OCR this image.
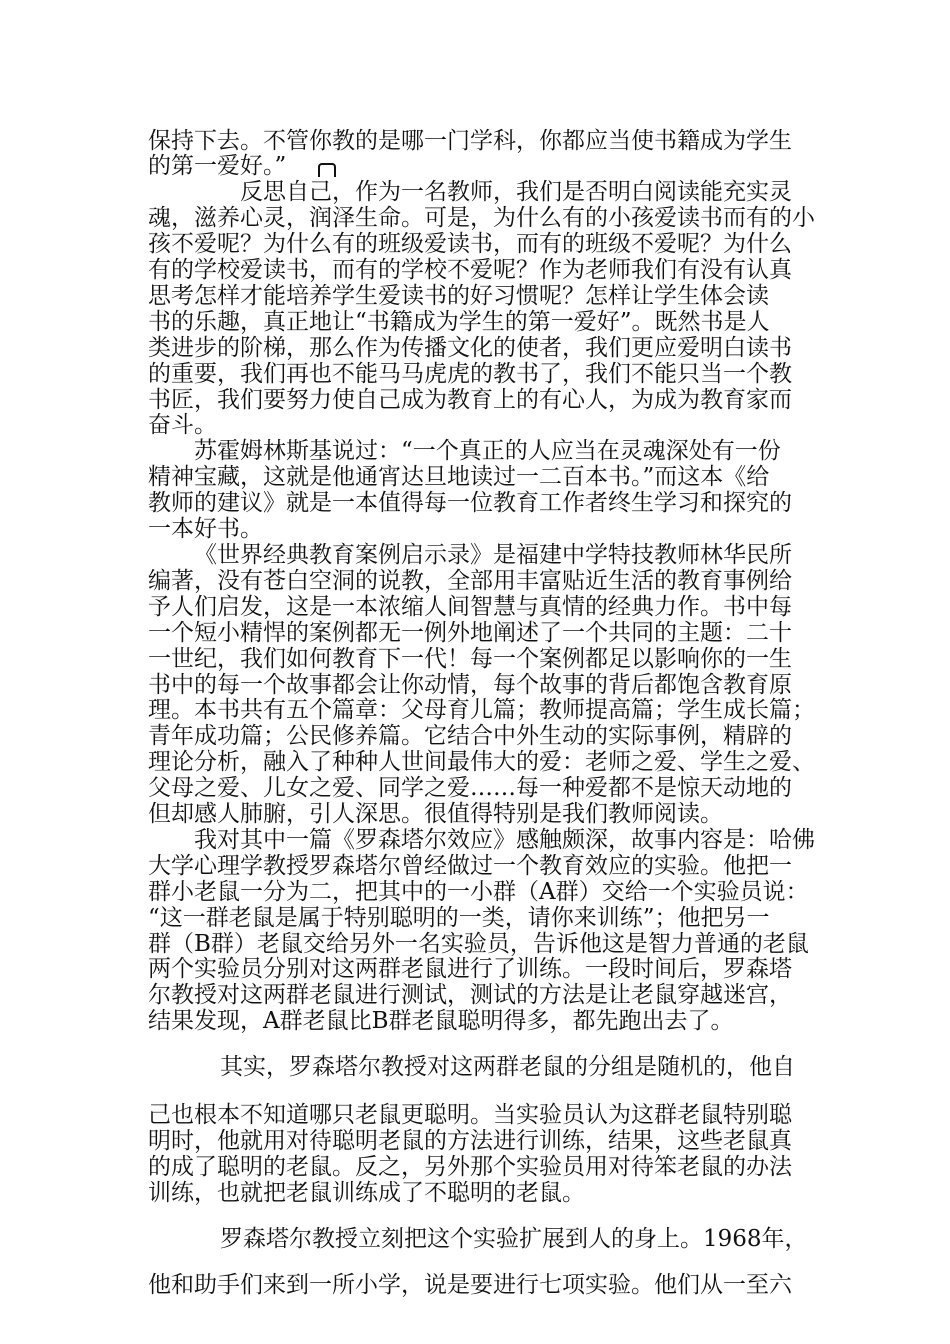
保持下去。不管你教的是哪一门学科，你都应当使书籍成为学生
的第一爱好。”
反思自己，作为一名教师，我们是否明白阅读能充实灵
魂，滋养心灵，润泽生命。可是，为什么有的小孩爱读书而有的小
孩不爱呢？为什么有的班级爱读书，而有的班级不爱呢？为什么
有的学校爱读书，而有的学校不爱呢？作为老师我们有没有认真
思考怎样才能培养学生爱读书的好习惯呢？怎样让学生体会读
书的乐趣，真正地让“书籍成为学生的第一爱好”。既然书是人
类进步的阶梯，那么作为传播文化的使者，我们更应爱明白读书
的重要，我们再也不能马马虎虎的教书了，我们不能只当一个教
书匠，我们要努力使自己成为教育上的有心人，为成为教育家而
奋斗。
苏霍姆林斯基说过：“一个真正的人应当在灵魂深处有一份
精神宝藏，这就是他通宵达旦地读过一二百本书。”而这本《给
教师的建议》就是一本值得每一位教育工作者终生学习和探究的
一本好书。
《世界经典教育案例启示录》是福建中学特技教师林华民所
编著，没有苍白空洞的说教，全部用丰富贴近生活的教育事例给
予人们启发，这是一本浓缩人间智慧与真情的经典力作。书中每
一个短小精悍的案例都无一例外地阐述了一个共同的主题：二十
一世纪，我们如何教育下一代！每一个案例都足以影响你的一生
书中的每一个故事都会让你动情，每个故事的背后都饱含教育原
理。本书共有五个篇章：父母育儿篇；教师提高篇；学生成长篇；
青年成功篇；公民修养篇。它结合中外生动的实际事例，精辟的
理论分析，融入了种种人世间最伟大的爱：老师之爱、学生之爱、
父母之爱、儿女之爱、同学之爱……每一种爱都不是惊天动地的
但却感人肺腑，引人深思。很值得特别是我们教师阅读。
我对其中一篇《罗森塔尔效应》感触颇深，故事内容是：哈佛
大学心理学教授罗森塔尔曾经做过一个教育效应的实验。他把一
群小老鼠一分为二，把其中的一小群（A群）交给一个实验员说：
“这一群老鼠是属于特别聪明的一类，请你来训练”；他把另一
群（B群）老鼠交给另外一名实验员，告诉他这是智力普通的老鼠
两个实验员分别对这两群老鼠进行了训练。一段时间后，罗森塔
尔教授对这两群老鼠进行测试，测试的方法是让老鼠穿越迷宫，
结果发现，A群老鼠比B群老鼠聪明得多，都先跑出去了。
其实，罗森塔尔教授对这两群老鼠的分组是随机的，他自
己也根本不知道哪只老鼠更聪明。当实验员认为这群老鼠特别聪
明时，他就用对待聪明老鼠的方法进行训练，结果，这些老鼠真
的成了聪明的老鼠。反之，另外那个实验员用对待笨老鼠的办法
训练，也就把老鼠训练成了不聪明的老鼠。
罗森塔尔教授立刻把这个实验扩展到人的身上。1968年，
他和助手们来到一所小学，说是要进行七项实验。他们从一至六
